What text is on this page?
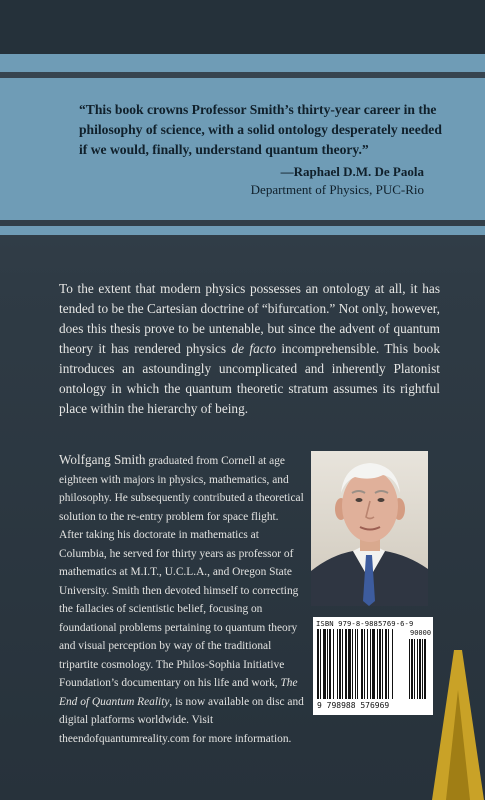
“This book crowns Professor Smith’s thirty-year career in the philosophy of science, with a solid ontology desperately needed if we would, finally, understand quantum theory.”
—Raphael D.M. De Paola
Department of Physics, PUC-Rio
To the extent that modern physics possesses an ontology at all, it has tended to be the Cartesian doctrine of “bifurcation.” Not only, however, does this thesis prove to be untenable, but since the advent of quantum theory it has rendered physics de facto incomprehensible. This book introduces an astoundingly uncomplicated and inherently Platonist ontology in which the quantum theoretic stratum assumes its rightful place within the hierarchy of being.
Wolfgang Smith graduated from Cornell at age eighteen with majors in physics, mathematics, and philosophy. He subsequently contributed a theoretical solution to the re-entry problem for space flight. After taking his doctorate in mathematics at Columbia, he served for thirty years as professor of mathematics at M.I.T., U.C.L.A., and Oregon State University. Smith then devoted himself to correcting the fallacies of scientistic belief, focusing on foundational problems pertaining to quantum theory and visual perception by way of the traditional tripartite cosmology. The Philos-Sophia Initiative Foundation’s documentary on his life and work, The End of Quantum Reality, is now available on disc and digital platforms worldwide. Visit theendofquantumreality.com for more information.
ISBN 979-8-9885769-6-9
9 798988 576969
90000
